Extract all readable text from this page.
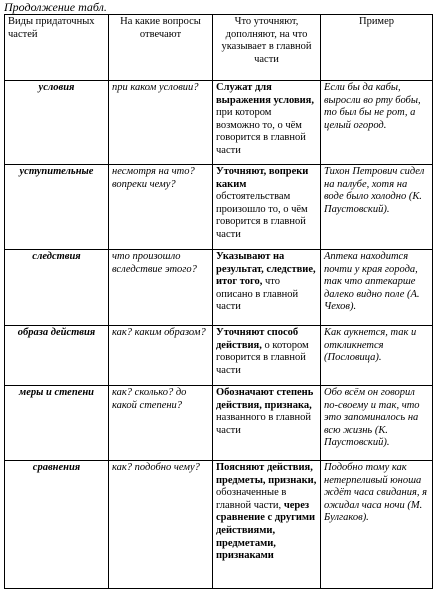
Продолжение табл.
Виды придаточных частей	На какие вопросы отвечают	Что уточняют, дополняют, на что указывает в главной части	Пример
условия	при каком условии?	Служат для выражения условия, при котором возможно то, о чём говорится в главной части	Если бы да кабы, выросли во рту бобы, то был бы не рот, а целый огород.
уступительные	несмотря на что? вопреки чему?	Уточняют, вопреки каким обстоятельствам произошло то, о чём говорится в главной части	Тихон Петрович сидел на палубе, хотя на воде было холодно (К. Паустовский).
следствия	что произошло вследствие этого?	Указывают на результат, следствие, итог того, что описано в главной части	Аптека находится почти у края города, так что аптекарше далеко видно поле (А. Чехов).
образа действия	как? каким образом?	Уточняют способ действия, о котором говорится в главной части	Как аукнется, так и откликнется (Пословица).
меры и степени	как? сколько? до какой степени?	Обозначают степень действия, признака, названного в главной части	Обо всём он говорил по-своему и так, что это запоминалось на всю жизнь (К. Паустовский).
сравнения	как? подобно чему?	Поясняют действия, предметы, признаки, обозначенные в главной части, через сравнение с другими действиями, предметами, признаками	Подобно тому как нетерпеливый юноша ждёт часа свидания, я ожидал часа ночи (М. Булгаков).
